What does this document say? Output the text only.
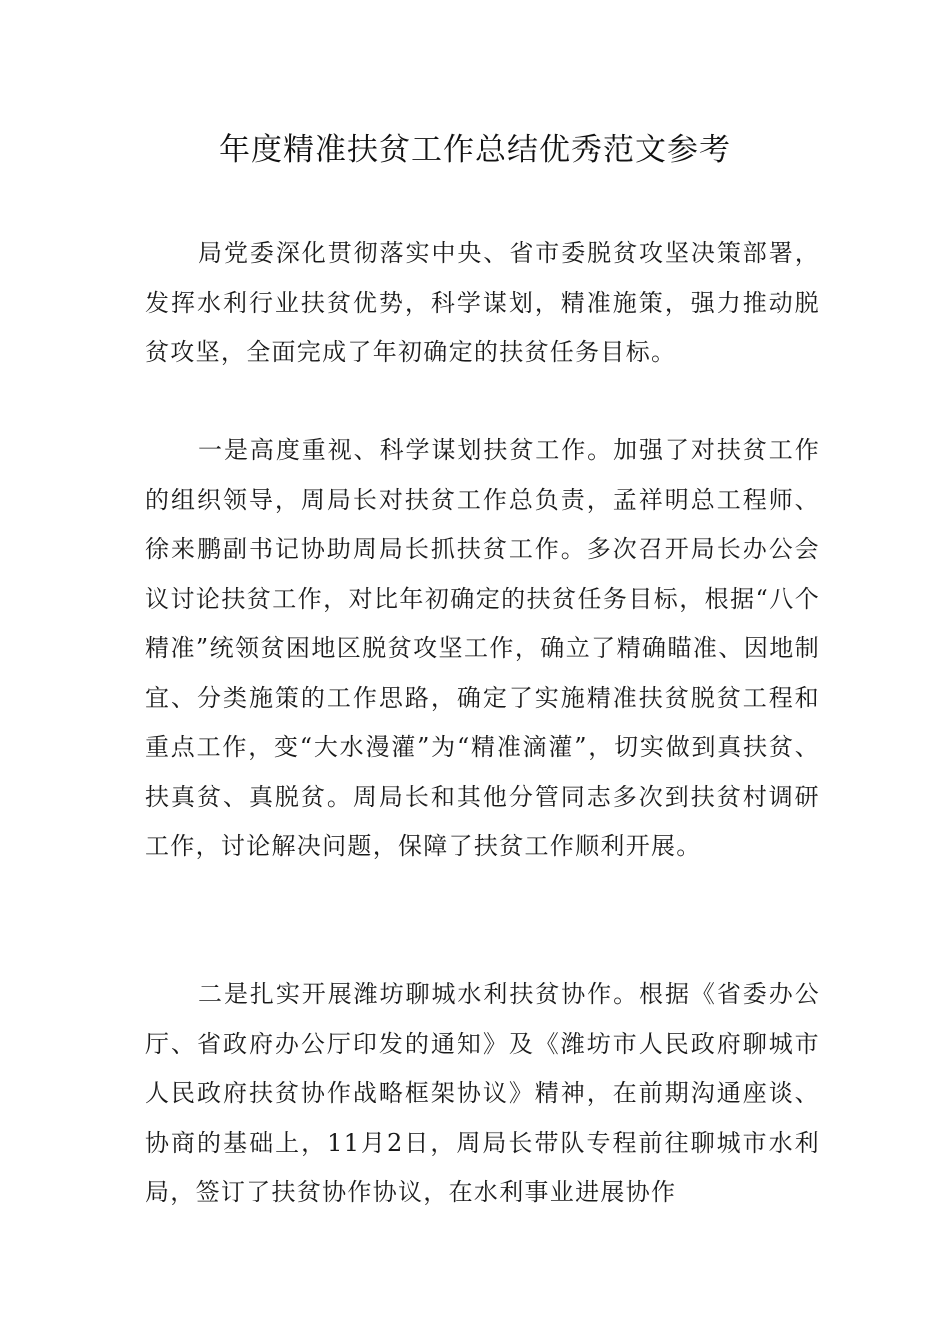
年度精准扶贫工作总结优秀范文参考

局党委深化贯彻落实中央、省市委脱贫攻坚决策部署，发挥水利行业扶贫优势，科学谋划，精准施策，强力推动脱贫攻坚，全面完成了年初确定的扶贫任务目标。

一是高度重视、科学谋划扶贫工作。加强了对扶贫工作的组织领导，周局长对扶贫工作总负责，孟祥明总工程师、徐来鹏副书记协助周局长抓扶贫工作。多次召开局长办公会议讨论扶贫工作，对比年初确定的扶贫任务目标，根据“八个精准”统领贫困地区脱贫攻坚工作，确立了精确瞄准、因地制宜、分类施策的工作思路，确定了实施精准扶贫脱贫工程和重点工作，变“大水漫灌”为“精准滴灌”，切实做到真扶贫、扶真贫、真脱贫。周局长和其他分管同志多次到扶贫村调研工作，讨论解决问题，保障了扶贫工作顺利开展。

二是扎实开展潍坊聊城水利扶贫协作。根据《省委办公厅、省政府办公厅印发的通知》及《潍坊市人民政府聊城市人民政府扶贫协作战略框架协议》精神，在前期沟通座谈、协商的基础上，11月2日，周局长带队专程前往聊城市水利局，签订了扶贫协作协议，在水利事业进展协作
